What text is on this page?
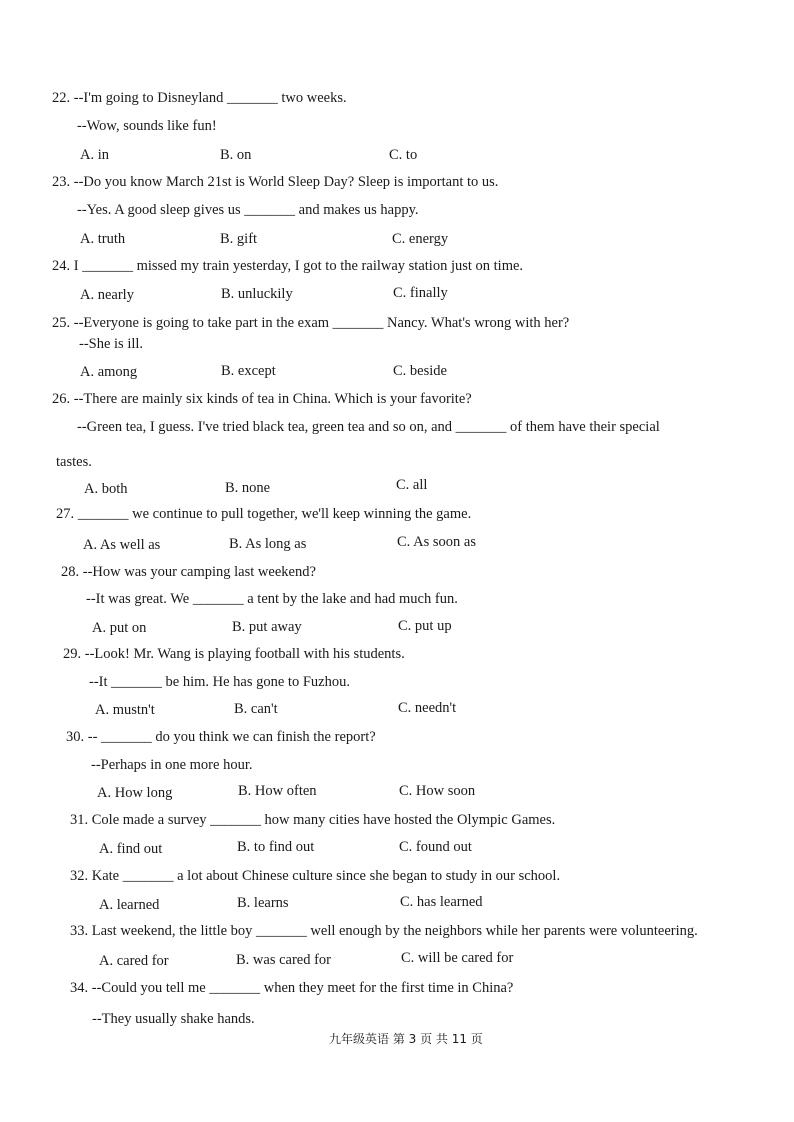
22. --I'm going to Disneyland _______ two weeks.
--Wow, sounds like fun!
A. in	B. on	C. to
23. --Do you know March 21st is World Sleep Day? Sleep is important to us.
--Yes. A good sleep gives us _______ and makes us happy.
A. truth	B. gift	C. energy
24. I _______ missed my train yesterday, I got to the railway station just on time.
A. nearly	B. unluckily	C. finally
25. --Everyone is going to take part in the exam _______ Nancy. What's wrong with her?
--She is ill.
A. among	B. except	C. beside
26. --There are mainly six kinds of tea in China. Which is your favorite?
--Green tea, I guess. I've tried black tea, green tea and so on, and _______ of them have their special
tastes.
A. both	B. none	C. all
27. _______ we continue to pull together, we'll keep winning the game.
A. As well as	B. As long as	C. As soon as
28. --How was your camping last weekend?
--It was great. We _______ a tent by the lake and had much fun.
A. put on	B. put away	C. put up
29. --Look! Mr. Wang is playing football with his students.
--It _______ be him. He has gone to Fuzhou.
A. mustn't	B. can't	C. needn't
30. -- _______ do you think we can finish the report?
--Perhaps in one more hour.
A. How long	B. How often	C. How soon
31. Cole made a survey _______ how many cities have hosted the Olympic Games.
A. find out	B. to find out	C. found out
32. Kate _______ a lot about Chinese culture since she began to study in our school.
A. learned	B. learns	C. has learned
33. Last weekend, the little boy _______ well enough by the neighbors while her parents were volunteering.
A. cared for	B. was cared for	C. will be cared for
34. --Could you tell me _______ when they meet for the first time in China?
--They usually shake hands.
九年级英语 第 3 页 共 11 页
